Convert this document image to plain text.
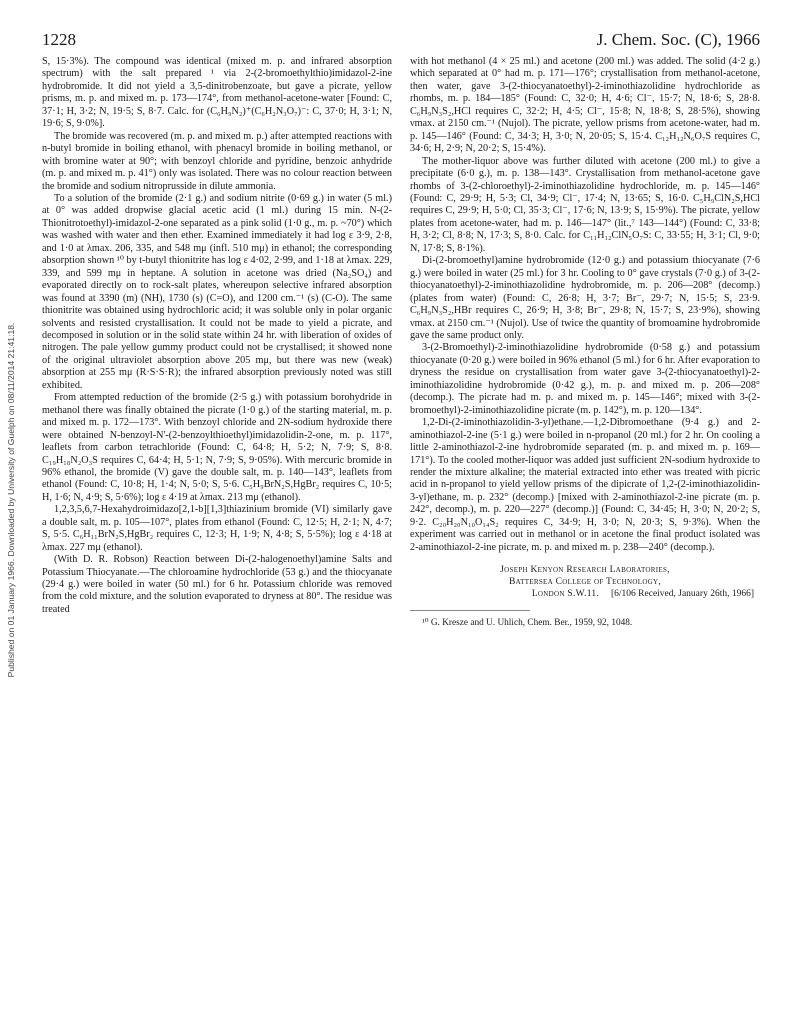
1228	J. Chem. Soc. (C), 1966
Published on 01 January 1966. Downloaded by University of Guelph on 08/11/2014 21:41:18.

S, 15·3%). The compound was identical (mixed m. p. and infrared absorption spectrum) with the salt prepared ¹ via 2-(2-bromoethylthio)imidazol-2-ine hydrobromide. It did not yield a 3,5-dinitrobenzoate, but gave a picrate, yellow prisms, m. p. and mixed m. p. 173—174°, from methanol-acetone-water [Found: C, 37·1; H, 3·2; N, 19·5; S, 8·7. Calc. for (C₆H₉N₂)⁺(C₆H₂N₃O₇)⁻: C, 37·0; H, 3·1; N, 19·6; S, 9·0%].

The bromide was recovered (m. p. and mixed m. p.) after attempted reactions with n-butyl bromide in boiling ethanol, with phenacyl bromide in boiling methanol, or with bromine water at 90°; with benzoyl chloride and pyridine, benzoic anhydride (m. p. and mixed m. p. 41°) only was isolated. There was no colour reaction between the bromide and sodium nitroprusside in dilute ammonia.

To a solution of the bromide (2·1 g.) and sodium nitrite (0·69 g.) in water (5 ml.) at 0° was added dropwise glacial acetic acid (1 ml.) during 15 min. N-(2-Thionitrotoethyl)-imidazol-2-one separated as a pink solid (1·0 g., m. p. ~70°) which was washed with water and then ether. Examined immediately it had log ε 3·9, 2·8, and 1·0 at λmax. 206, 335, and 548 mμ (infl. 510 mμ) in ethanol; the corresponding absorption shown ¹⁰ by t-butyl thionitrite has log ε 4·02, 2·99, and 1·18 at λmax. 229, 339, and 599 mμ in heptane. A solution in acetone was dried (Na₂SO₄) and evaporated directly on to rock-salt plates, whereupon selective infrared absorption was found at 3390 (m) (NH), 1730 (s) (C=O), and 1200 cm.⁻¹ (s) (C-O). The same thionitrite was obtained using hydrochloric acid; it was soluble only in polar organic solvents and resisted crystallisation. It could not be made to yield a picrate, and decomposed in solution or in the solid state within 24 hr. with liberation of oxides of nitrogen. The pale yellow gummy product could not be crystallised; it showed none of the original ultraviolet absorption above 205 mμ, but there was new (weak) absorption at 255 mμ (R·S·S·R); the infrared absorption previously noted was still exhibited.

From attempted reduction of the bromide (2·5 g.) with potassium borohydride in methanol there was finally obtained the picrate (1·0 g.) of the starting material, m. p. and mixed m. p. 172—173°. With benzoyl chloride and 2N-sodium hydroxide there were obtained N-benzoyl-N'-(2-benzoylthioethyl)imidazolidin-2-one, m. p. 117°, leaflets from carbon tetrachloride (Found: C, 64·8; H, 5·2; N, 7·9; S, 8·8. C₁₉H₁₈N₂O₃S requires C, 64·4; H, 5·1; N, 7·9; S, 9·05%). With mercuric bromide in 96% ethanol, the bromide (V) gave the double salt, m. p. 140—143°, leaflets from ethanol (Found: C, 10·8; H, 1·4; N, 5·0; S, 5·6. C₅H₉BrN₂S,HgBr₂ requires C, 10·5; H, 1·6; N, 4·9; S, 5·6%); log ε 4·19 at λmax. 213 mμ (ethanol).

1,2,3,5,6,7-Hexahydroimidazo[2,1-b][1,3]thiazinium bromide (VI) similarly gave a double salt, m. p. 105—107°, plates from ethanol (Found: C, 12·5; H, 2·1; N, 4·7; S, 5·5. C₆H₁₁BrN₂S,HgBr₂ requires C, 12·3; H, 1·9; N, 4·8; S, 5·5%); log ε 4·18 at λmax. 227 mμ (ethanol).

(With D. R. Robson) Reaction between Di-(2-halogenoethyl)amine Salts and Potassium Thiocyanate.—The chloroamine hydrochloride (53 g.) and the thiocyanate (29·4 g.) were boiled in water (50 ml.) for 6 hr. Potassium chloride was removed from the cold mixture, and the solution evaporated to dryness at 80°. The residue was treated

with hot methanol (4 × 25 ml.) and acetone (200 ml.) was added. The solid (4·2 g.) which separated at 0° had m. p. 171—176°; crystallisation from methanol-acetone, then water, gave 3-(2-thiocyanatoethyl)-2-iminothiazolidine hydrochloride as rhombs, m. p. 184—185° (Found: C, 32·0; H, 4·6; Cl⁻, 15·7; N, 18·6; S, 28·8. C₆H₉N₃S₂,HCl requires C, 32·2; H, 4·5; Cl⁻, 15·8; N, 18·8; S, 28·5%), showing νmax. at 2150 cm.⁻¹ (Nujol). The picrate, yellow prisms from acetone-water, had m. p. 145—146° (Found: C, 34·3; H, 3·0; N, 20·05; S, 15·4. C₁₂H₁₂N₆O₇S requires C, 34·6; H, 2·9; N, 20·2; S, 15·4%).

The mother-liquor above was further diluted with acetone (200 ml.) to give a precipitate (6·0 g.), m. p. 138—143°. Crystallisation from methanol-acetone gave rhombs of 3-(2-chloroethyl)-2-iminothiazolidine hydrochloride, m. p. 145—146° (Found: C, 29·9; H, 5·3; Cl, 34·9; Cl⁻, 17·4; N, 13·65; S, 16·0. C₅H₉ClN₂S,HCl requires C, 29·9; H, 5·0; Cl, 35·3; Cl⁻, 17·6; N, 13·9; S, 15·9%). The picrate, yellow plates from acetone-water, had m. p. 146—147° (lit.,⁷ 143—144°) (Found: C, 33·8; H, 3·2; Cl, 8·8; N, 17·3; S, 8·0. Calc. for C₁₁H₁₂ClN₅O₇S: C, 33·55; H, 3·1; Cl, 9·0; N, 17·8; S, 8·1%).

Di-(2-bromoethyl)amine hydrobromide (12·0 g.) and potassium thiocyanate (7·6 g.) were boiled in water (25 ml.) for 3 hr. Cooling to 0° gave crystals (7·0 g.) of 3-(2-thiocyanatoethyl)-2-iminothiazolidine hydrobromide, m. p. 206—208° (decomp.) (plates from water) (Found: C, 26·8; H, 3·7; Br⁻, 29·7; N, 15·5; S, 23·9. C₆H₉N₃S₂,HBr requires C, 26·9; H, 3·8; Br⁻, 29·8; N, 15·7; S, 23·9%), showing νmax. at 2150 cm.⁻¹ (Nujol). Use of twice the quantity of bromoamine hydrobromide gave the same product only.

3-(2-Bromoethyl)-2-iminothiazolidine hydrobromide (0·58 g.) and potassium thiocyanate (0·20 g.) were boiled in 96% ethanol (5 ml.) for 6 hr. After evaporation to dryness the residue on crystallisation from water gave 3-(2-thiocyanatoethyl)-2-iminothiazolidine hydrobromide (0·42 g.), m. p. and mixed m. p. 206—208° (decomp.). The picrate had m. p. and mixed m. p. 145—146°; mixed with 3-(2-bromoethyl)-2-iminothiazolidine picrate (m. p. 142°), m. p. 120—134°.

1,2-Di-(2-iminothiazolidin-3-yl)ethane.—1,2-Dibromoethane (9·4 g.) and 2-aminothiazol-2-ine (5·1 g.) were boiled in n-propanol (20 ml.) for 2 hr. On cooling a little 2-aminothiazol-2-ine hydrobromide separated (m. p. and mixed m. p. 169—171°). To the cooled mother-liquor was added just sufficient 2N-sodium hydroxide to render the mixture alkaline; the material extracted into ether was treated with picric acid in n-propanol to yield yellow prisms of the dipicrate of 1,2-(2-iminothiazolidin-3-yl)ethane, m. p. 232° (decomp.) [mixed with 2-aminothiazol-2-ine picrate (m. p. 242°, decomp.), m. p. 220—227° (decomp.)] (Found: C, 34·45; H, 3·0; N, 20·2; S, 9·2. C₂₀H₂₀N₁₀O₁₄S₂ requires C, 34·9; H, 3·0; N, 20·3; S, 9·3%). When the experiment was carried out in methanol or in acetone the final product isolated was 2-aminothiazol-2-ine picrate, m. p. and mixed m. p. 238—240° (decomp.).

Joseph Kenyon Research Laboratories,
Battersea College of Technology,
London S.W.11. [6/106 Received, January 26th, 1966]

¹⁰ G. Kresze and U. Uhlich, Chem. Ber., 1959, 92, 1048.
